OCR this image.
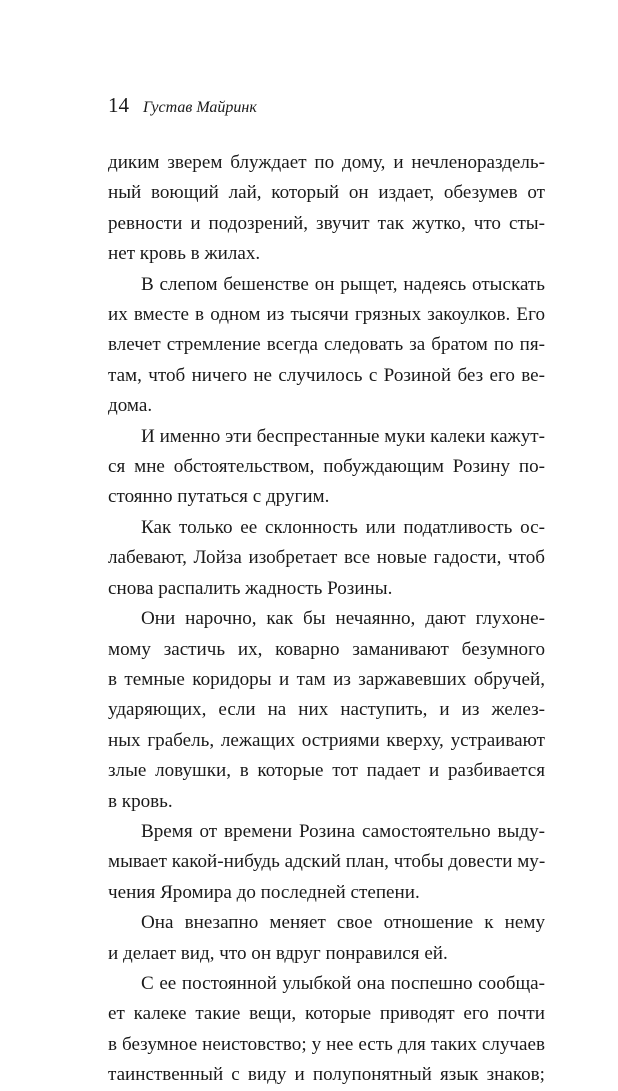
14 Густав Майринк

диким зверем блуждает по дому, и нечленораздель-
ный воющий лай, который он издает, обезумев от
ревности и подозрений, звучит так жутко, что сты-
нет кровь в жилах.

В слепом бешенстве он рыщет, надеясь отыскать
их вместе в одном из тысячи грязных закоулков. Его
влечет стремление всегда следовать за братом по пя-
там, чтоб ничего не случилось с Розиной без его ве-
дома.

И именно эти беспрестанные муки калеки кажут-
ся мне обстоятельством, побуждающим Розину по-
стоянно путаться с другим.

Как только ее склонность или податливость ос-
лабевают, Лойза изобретает все новые гадости, чтоб
снова распалить жадность Розины.

Они нарочно, как бы нечаянно, дают глухоне-
мому застичь их, коварно заманивают безумного
в темные коридоры и там из заржавевших обручей,
ударяющих, если на них наступить, и из желез-
ных грабель, лежащих остриями кверху, устраивают
злые ловушки, в которые тот падает и разбивается
в кровь.

Время от времени Розина самостоятельно выду-
мывает какой-нибудь адский план, чтобы довести му-
чения Яромира до последней степени.

Она внезапно меняет свое отношение к нему
и делает вид, что он вдруг понравился ей.

С ее постоянной улыбкой она поспешно сообща-
ет калеке такие вещи, которые приводят его почти
в безумное неистовство; у нее есть для таких случаев
таинственный с виду и полупонятный язык знаков;
